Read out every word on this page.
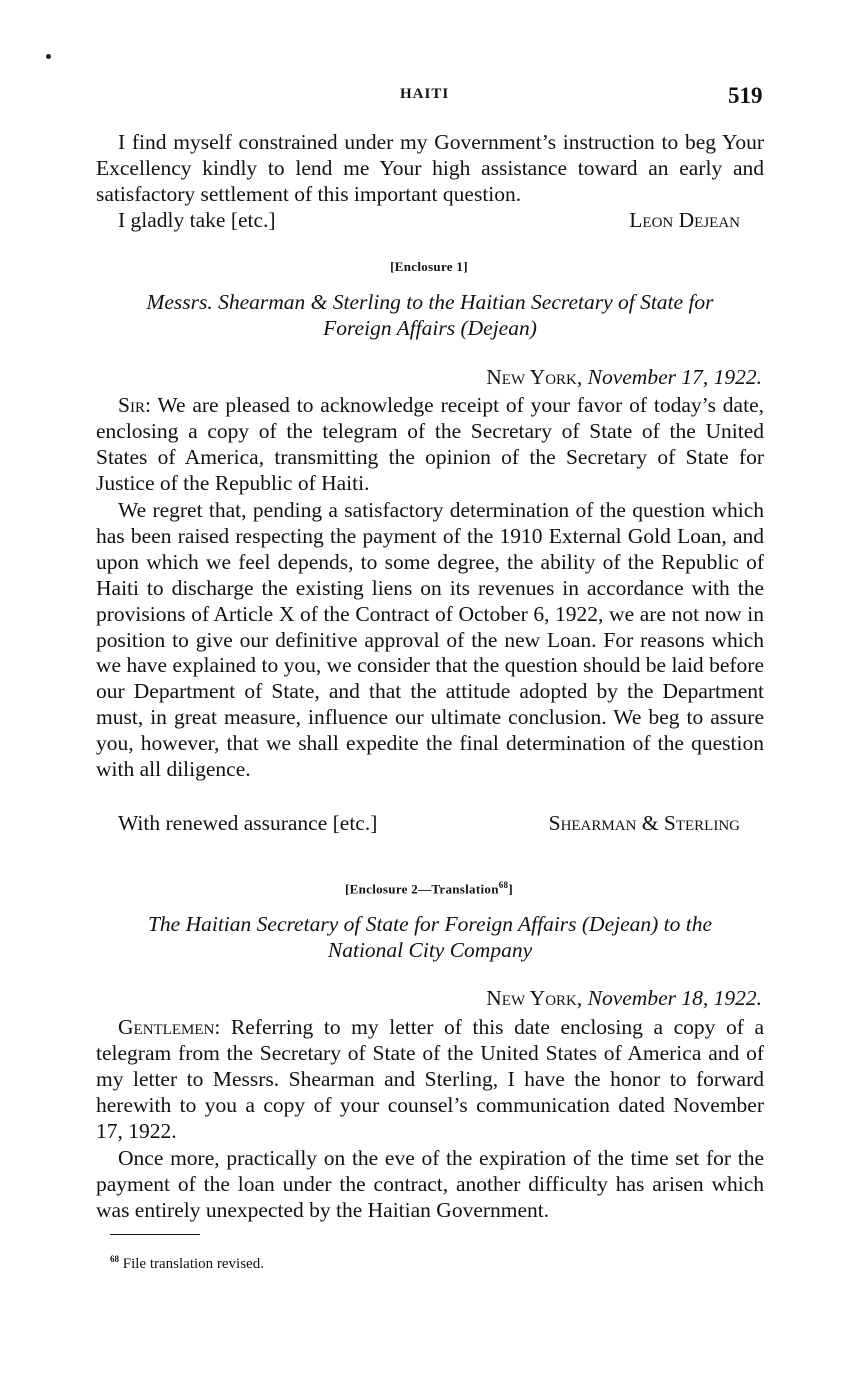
HAITI	519
I find myself constrained under my Government’s instruction to beg Your Excellency kindly to lend me Your high assistance toward an early and satisfactory settlement of this important question.
I gladly take [etc.]	Leon Dejean
[Enclosure 1]
Messrs. Shearman & Sterling to the Haitian Secretary of State for
Foreign Affairs (Dejean)
New York, November 17, 1922.
Sir: We are pleased to acknowledge receipt of your favor of today’s date, enclosing a copy of the telegram of the Secretary of State of the United States of America, transmitting the opinion of the Secretary of State for Justice of the Republic of Haiti.
We regret that, pending a satisfactory determination of the question which has been raised respecting the payment of the 1910 External Gold Loan, and upon which we feel depends, to some degree, the ability of the Republic of Haiti to discharge the existing liens on its revenues in accordance with the provisions of Article X of the Contract of October 6, 1922, we are not now in position to give our definitive approval of the new Loan. For reasons which we have explained to you, we consider that the question should be laid before our Department of State, and that the attitude adopted by the Department must, in great measure, influence our ultimate conclusion. We beg to assure you, however, that we shall expedite the final determination of the question with all diligence.
With renewed assurance [etc.]	Shearman & Sterling
[Enclosure 2—Translation$^{68}$]
The Haitian Secretary of State for Foreign Affairs (Dejean) to the
National City Company
New York, November 18, 1922.
Gentlemen: Referring to my letter of this date enclosing a copy of a telegram from the Secretary of State of the United States of America and of my letter to Messrs. Shearman and Sterling, I have the honor to forward herewith to you a copy of your counsel’s communication dated November 17, 1922.
Once more, practically on the eve of the expiration of the time set for the payment of the loan under the contract, another difficulty has arisen which was entirely unexpected by the Haitian Government.
$^{68}$ File translation revised.
